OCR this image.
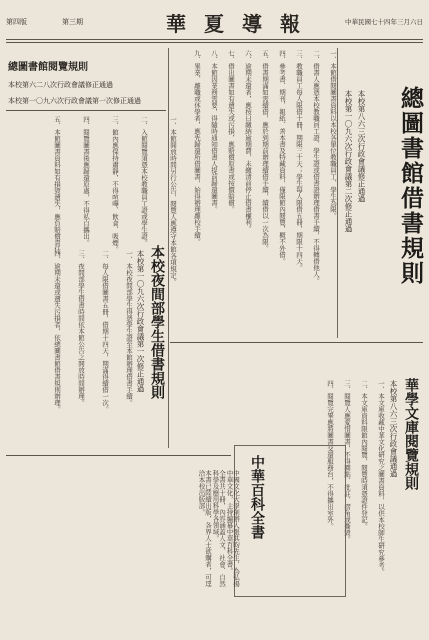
第四版	第三期	華夏導報	中華民國七十四年三月六日
總圖書館借書規則
本校第八六三次行政會議修正通過
本校第一〇九六次行政會議第二次修正通過
一、本館借閱圖書資料以本校各單位教職員工、學生為限。
二、借書人應憑本校教職員工證、學生證或借書證辦理借書手續，不得轉借他人。
三、教職員工每人限借十冊，期限三十天；學生每人限借五冊，期限十四天。
四、參考書、期刊、報紙、善本書及特藏資料，僅限館內閱覽，概不外借。
五、借書期滿如需續借，應於到期前辦理續借手續，續借以一次為限。
六、逾期未還者，應按日繳納逾期費，未繳清前停止借書權利。
七、借出圖書如有遺失或污損，應賠償原書或按價賠償。
八、本館因業務需要，得隨時通知借書人提前歸還圖書。
九、畢業、離職或休學者，應先歸還所借圖書，始得辦理離校手續。
華學文庫閱覽規則
本校第八六三次行政會議通過
一、本文庫收藏中華文化研究之圖書資料，以供本校師生研究參考。
二、本文庫資料限館內閱覽，閱覽時須憑證件登記。
三、閱覽人應愛惜圖書，不得圈點、批註、摺角或撕毀。
四、閱覽完畢應將圖書交還服務台，不得攜出室外。
中華百科全書
中國文化大學創辦人張其昀先生，為弘揚中華文化，主持編纂中華百科全書。
全書共十冊，內容涵蓋人文、社會、自然科學及應用科學各領域。
本書已陸續出版，各界人士欲購者，可逕洽本校出版部。
本校夜間部學生借書規則
本校第一〇九六次行政會議第一次修正通過
一、本校夜間部學生得憑學生證至本館辦理借書手續。
二、每人限借圖書五冊，借期十四天，期滿得續借一次。
三、夜間部學生借書時間依本館公告之開放時間辦理。
四、逾期未還或遺失污損者，依總圖書館借書規則辦理。
總圖書館閱覽規則
本校第六二八次行政會議修正通過
本校第一〇九六次行政會議第一次修正通過
一、本館開放時間另行公告，閱覽人應遵守本館各項規定。
二、入館閱覽須憑本校教職員工證或學生證。
三、館內應保持肅靜，不得喧嘩、飲食、吸煙。
四、閱覽圖書後應歸還原處，不得私自攜出。
五、本館圖書資料如有損毀遺失，應負賠償責任。
